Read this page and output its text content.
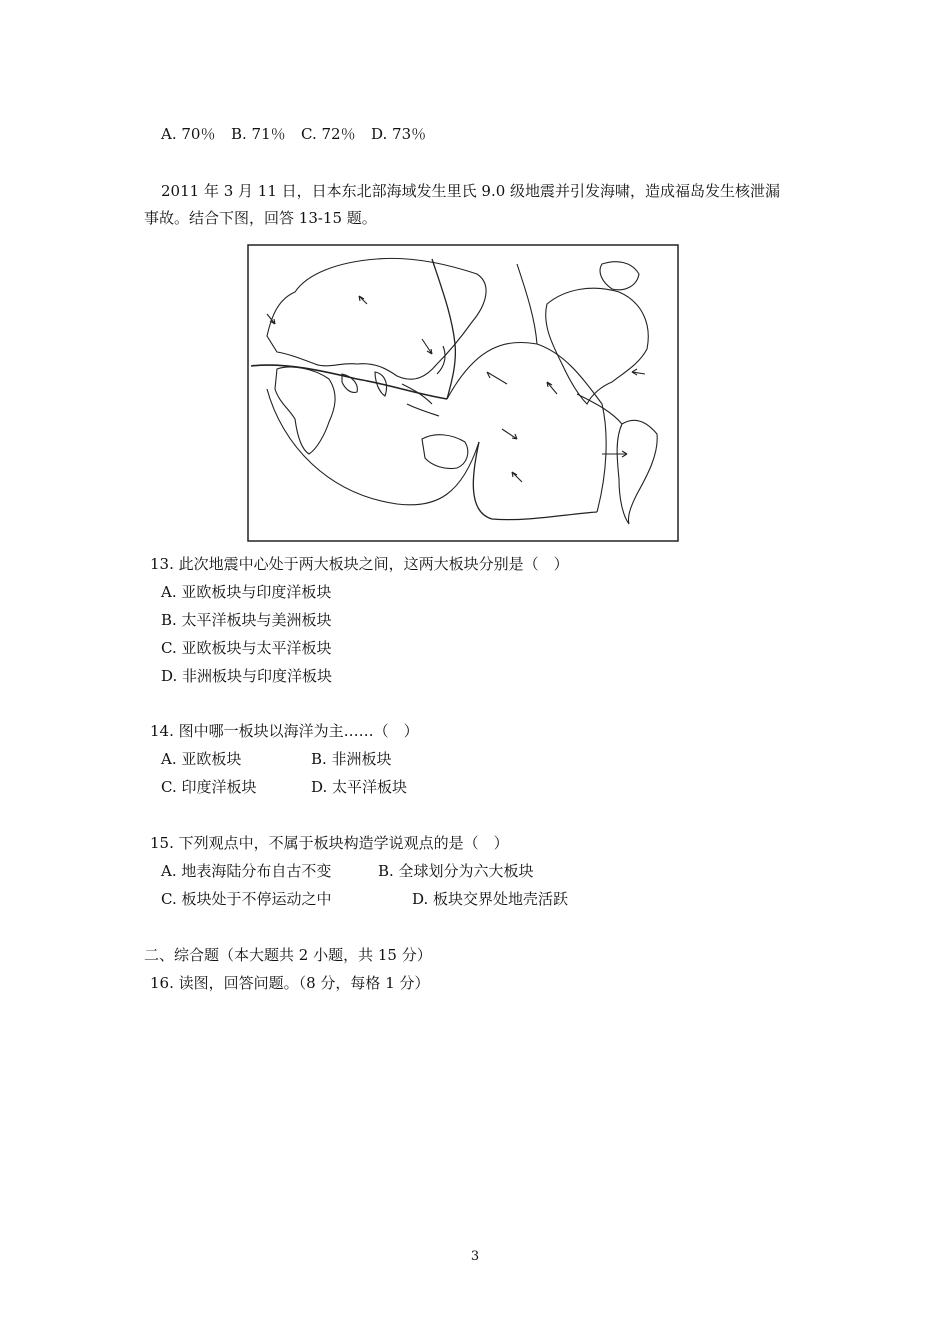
A. 70％ B. 71％ C. 72％ D. 73％
2011 年 3 月 11 日，日本东北部海域发生里氏 9.0 级地震并引发海啸，造成福岛发生核泄漏
事故。结合下图，回答 13-15 题。
13. 此次地震中心处于两大板块之间，这两大板块分别是（　）
A. 亚欧板块与印度洋板块
B. 太平洋板块与美洲板块
C. 亚欧板块与太平洋板块
D. 非洲板块与印度洋板块
14. 图中哪一板块以海洋为主……（　）
A. 亚欧板块	B. 非洲板块
C. 印度洋板块	D. 太平洋板块
15. 下列观点中，不属于板块构造学说观点的是（　）
A. 地表海陆分布自古不变	B. 全球划分为六大板块
C. 板块处于不停运动之中	D. 板块交界处地壳活跃
二、综合题（本大题共 2 小题，共 15 分）
16. 读图，回答问题。（8 分，每格 1 分）
3
